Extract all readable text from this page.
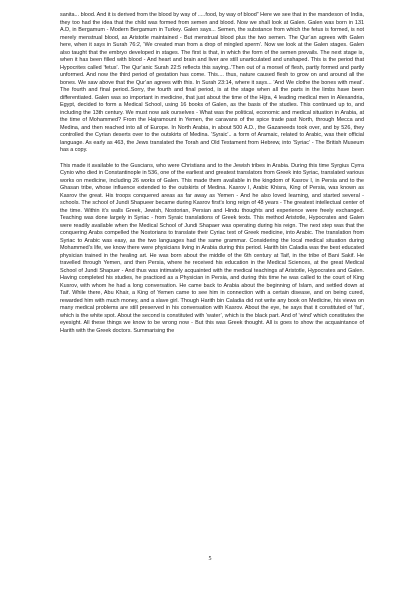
sanita... blood. And it is derived from the blood by way of .....food, by way of blood” Here we see that in the mandeson of India, they too had the idea that the child was formed from semen and blood. Now we shall look at Galen. Galen was born in 131 A.D, in Bergamum - Modern Bergamum in Turkey. Galen says... Semen, the substance from which the fetus is formed, is not merely menstrual blood, as Aristotle maintained - But menstrual blood plus the two semen. The Qur’an agrees with Galen here, when it says in Surah 76:2, ‘We created man from a drop of mingled sperm’. Now we look at the Galen stages. Galen also taught that the embryo developed in stages. The first is that, in which the form of the semen prevails. The next stage is, when it has been filled with blood - And heart and brain and liver are still unarticulated and unshaped. This is the period that Hypocrites called ‘fetus’. The Qur’anic Surah 22:5 reflects this saying..’Then out of a morsel of flesh, partly formed and partly unformed. And now the third period of gestation has come. This.... thus, nature caused flesh to grow on and around all the bones. We saw above that the Qur’an agrees with this. In Surah 23:14, where it says... ‘And We clothe the bones with meat’. The fourth and final period..Sorry, the fourth and final period, is at the stage when all the parts in the limbs have been differentiated. Galen was so important in medicine, that just about the time of the Hijra, 4 leading medical men in Alexandria, Egypt, decided to form a Medical School, using 16 books of Galen, as the basis of the studies. This continued up to, and including the 13th century. We must now ask ourselves - What was the political, economic and medical situation in Arabia, at the time of Mohammed? From the Hajramount in Yemen, the caravans of the spice trade past North, through Mecca and Medina, and then reached into all of Europe. In North Arabia, in about 500 A.D., the Gazaneeds took over, and by 526, they controlled the Cyrian deserts over to the outskirts of Medina. ‘Syraic’.. a form of Aramaic, related to Arabic, was their official language. As early as 463, the Jews translated the Torah and Old Testament from Hebrew, into ‘Syriac’ - The British Museum has a copy.

This made it available to the Guscians, who were Christians and to the Jewish tribes in Arabia. During this time Syrgius Cyrra Cynio who died in Constantinople in 536, one of the earliest and greatest translators from Greek into Syriac, translated various works on medicine, including 26 works of Galen. This made them available in the kingdom of Kasrov I, in Persia and to the Ghasan tribe, whose influence extended to the outskirts of Medina. Kasrov I, Arabic Khisra, King of Persia, was known as Kasrov the great. His troops conquered areas as far away as Yemen - And he also loved learning, and started several - schools. The school of Jundi Shapueer became during Kasrov first’s long reign of 48 years - The greatest intellectual center of the time. Within it’s walls Greek, Jewish, Nostorian, Persian and Hindu thoughts and experience were freely exchanged. Teaching was done largely in Syriac - from Syraic translations of Greek texts. This method Aristotle, Hypocrates and Galen were readily available when the Medical School of Jundi Shapaer was operating during his reign. The next step was that the conquering Arabs compelled the Nostorians to translate their Cyriac text of Greek medicine, into Arabic. The translation from Syriac to Arabic was easy, as the two languages had the same grammar. Considering the local medical situation during Mohammed’s life, we know there were physicians living in Arabia during this period. Harith bin Caladia was the best educated physician trained in the healing art. He was born about the middle of the 6th century at Taif, in the tribe of Bani Sakif. He travelled through Yemen, and then Persia, where he received his education in the Medical Sciences, at the great Medical School of Jundi Shapuer - And thus was intimately acquainted with the medical teachings af Aristotle, Hypocrates and Galen. Having completed his studies, he practiced as a Physician in Persia, and during this time he was called to the court of King Kusrov, with whom he had a long conversation. He came back to Arabia about the beginning of Islam, and settled down at Taif. While there, Abu Khair, a King of Yemen came to see him in connection with a certain disease, and on being cured, rewarded him with much money, and a slave girl. Though Harith bin Caladia did not write any book on Medicine, his views on many medical problems are still preserved in his conversation with Kasrov. About the eye, he says that it constituted of ‘fat’, which is the white spot. About the second is constituted with ‘water’, which is the black part. And of ‘wind’ which constitutes the eyesight. All these things we know to be wrong now - But this was Greek thought. All is goes to show the acquaintance of Harith with the Greek doctors. Summarising the

5
